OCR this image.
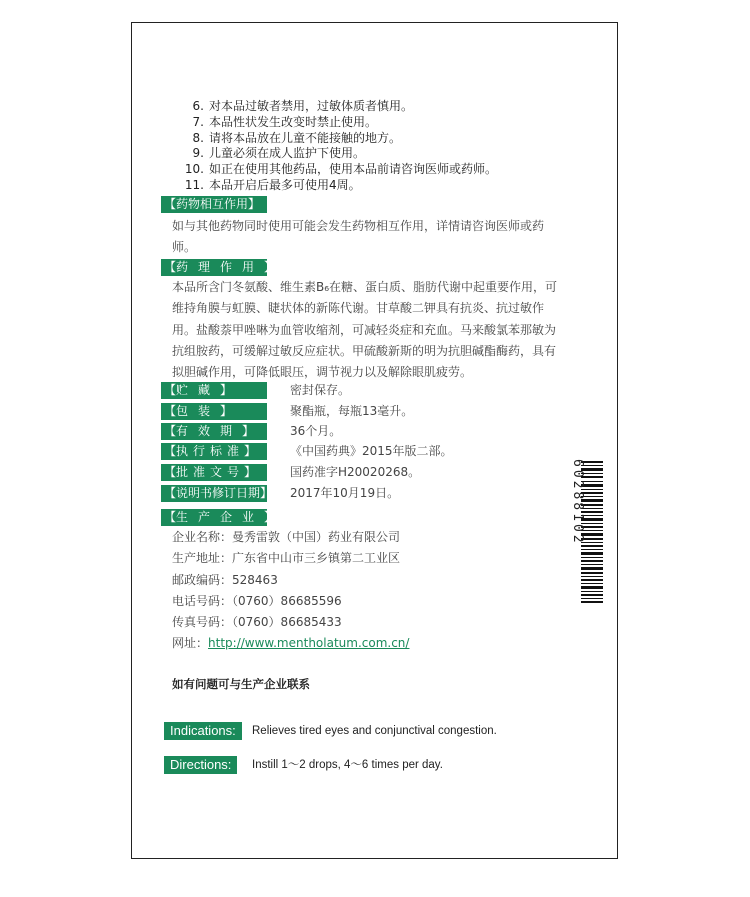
6. 对本品过敏者禁用，过敏体质者慎用。
7. 本品性状发生改变时禁止使用。
8. 请将本品放在儿童不能接触的地方。
9. 儿童必须在成人监护下使用。
10. 如正在使用其他药品，使用本品前请咨询医师或药师。
11. 本品开启后最多可使用4周。
【药物相互作用】
如与其他药物同时使用可能会发生药物相互作用，详情请咨询医师或药师。
【药理作用】
本品所含门冬氨酸、维生素B₆在糖、蛋白质、脂肪代谢中起重要作用，可维持角膜与虹膜、睫状体的新陈代谢。甘草酸二钾具有抗炎、抗过敏作用。盐酸萘甲唑啉为血管收缩剂，可减轻炎症和充血。马来酸氯苯那敏为抗组胺药，可缓解过敏反应症状。甲硫酸新斯的明为抗胆碱酯酶药，具有拟胆碱作用，可降低眼压，调节视力以及解除眼肌疲劳。
【贮藏】	密封保存。
【包装】	聚酯瓶，每瓶13毫升。
【有效期】	36个月。
【执行标准】	《中国药典》2015年版二部。
【批准文号】	国药准字H20020268。
【说明书修订日期】 2017年10月19日。
【生产企业】
企业名称：曼秀雷敦（中国）药业有限公司
生产地址：广东省中山市三乡镇第二工业区
邮政编码：528463
电话号码：（0760）86685596
传真号码：（0760）86685433
网址：http://www.mentholatum.com.cn/
如有问题可与生产企业联系
Indications:	Relieves tired eyes and conjunctival congestion.
Directions:	Instill 1～2 drops, 4～6 times per day.
60288102
